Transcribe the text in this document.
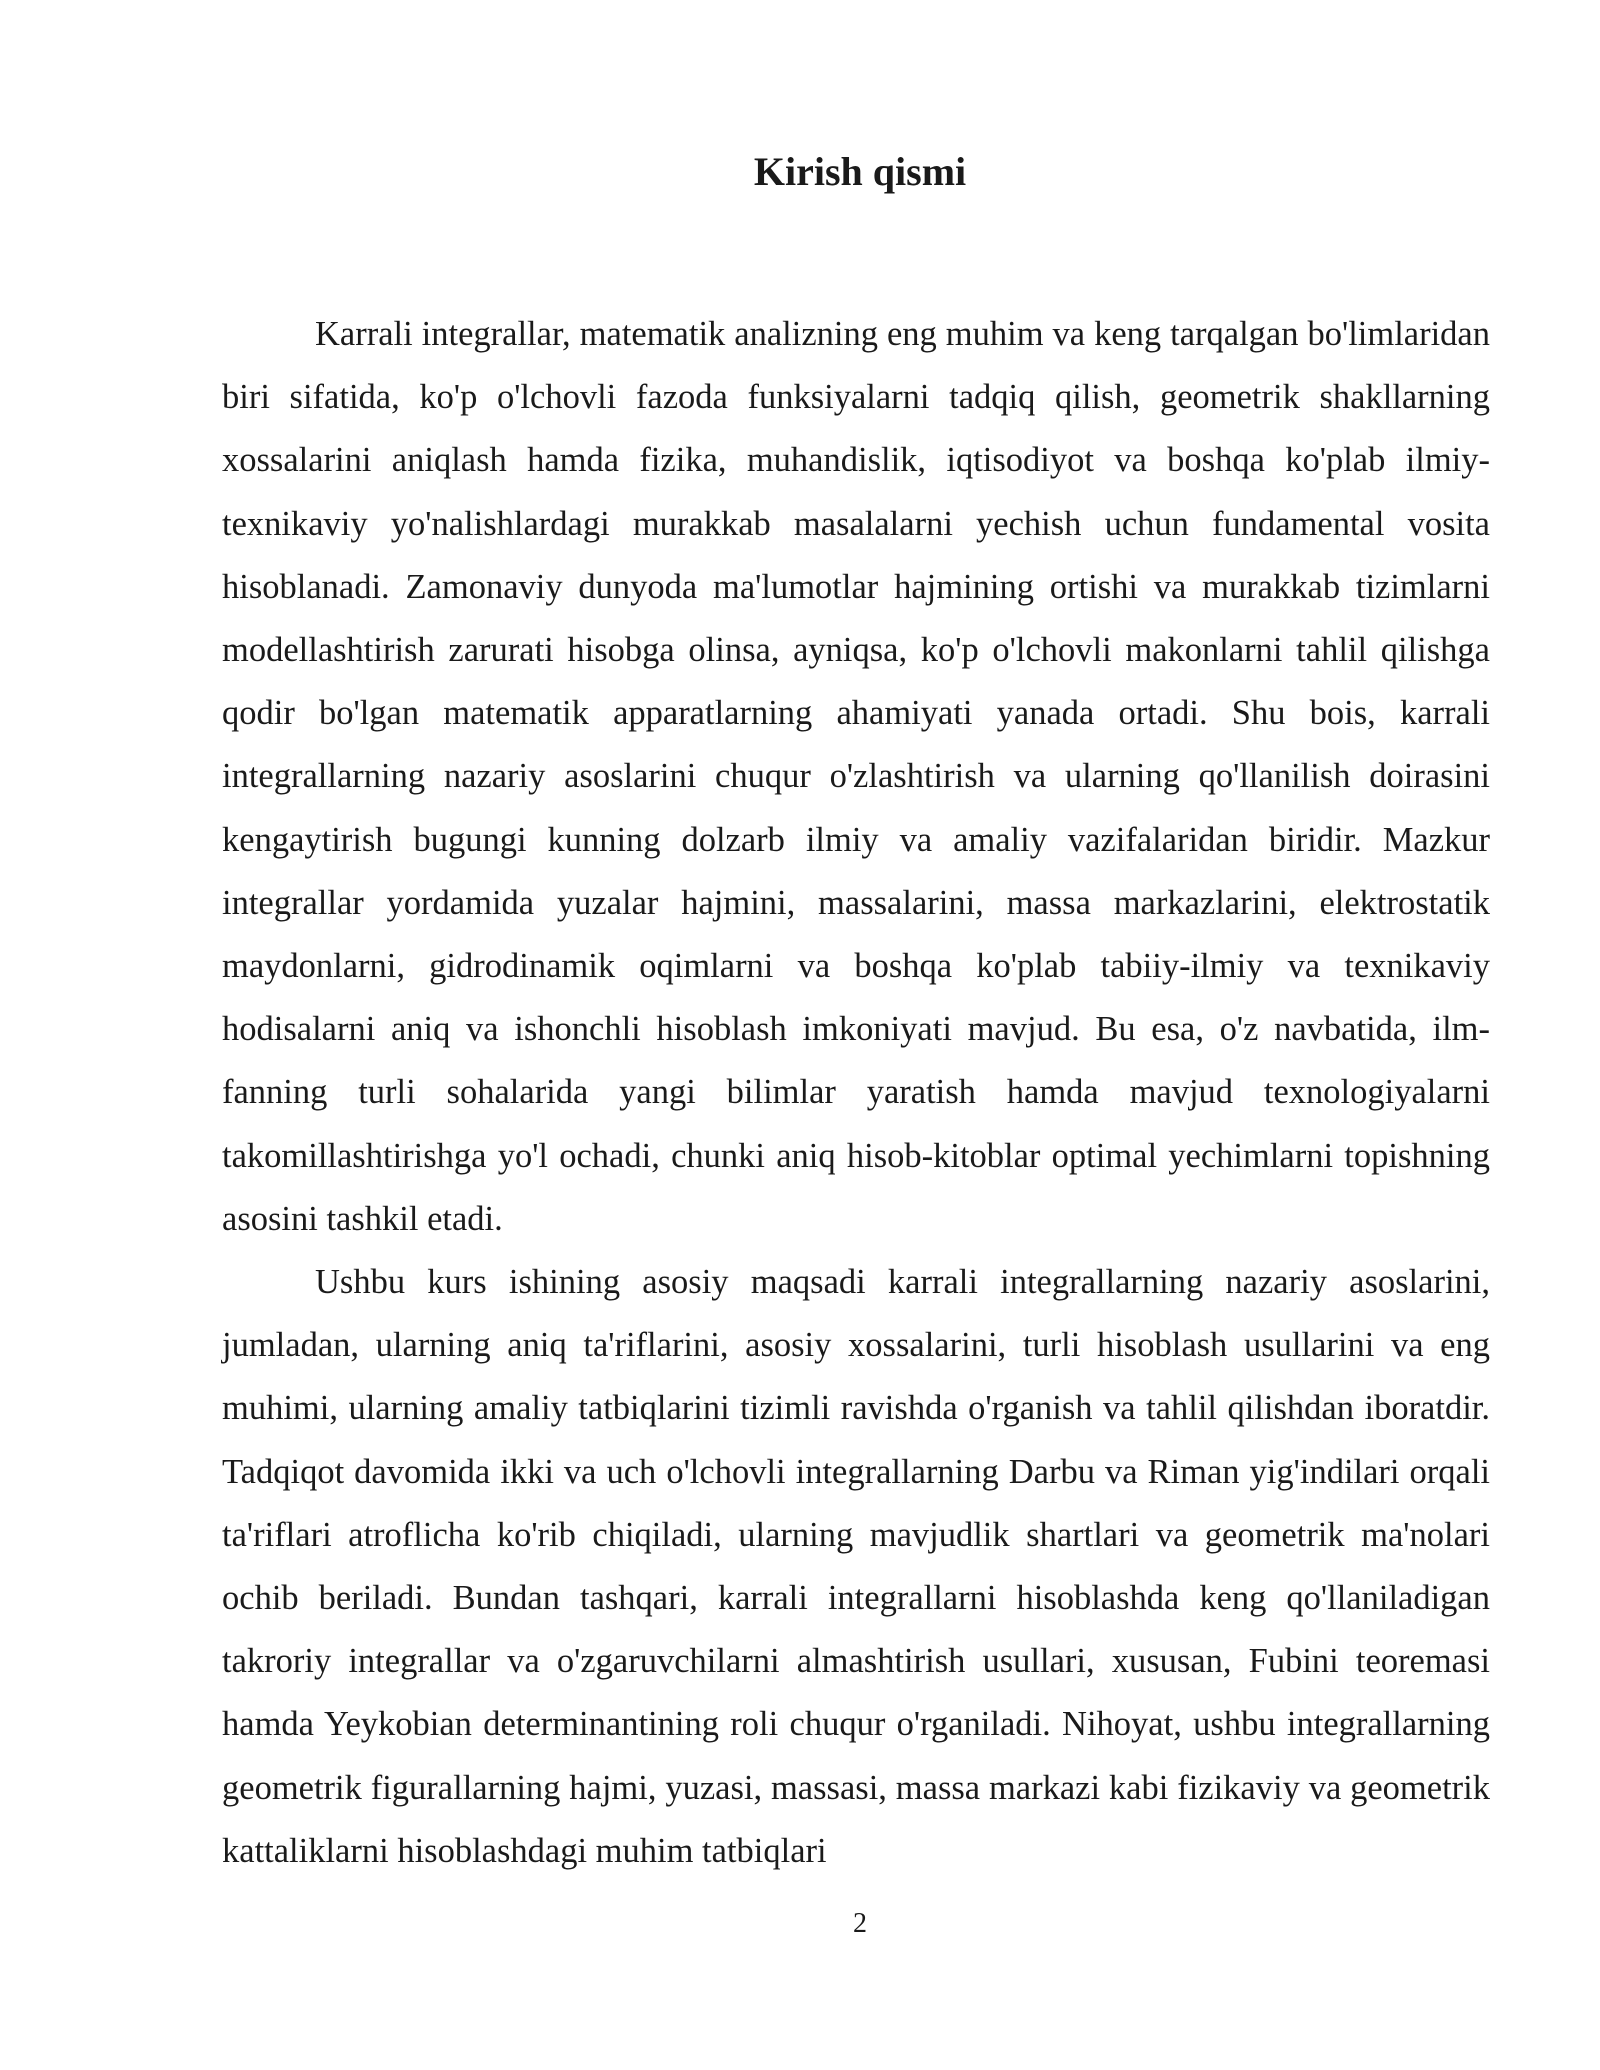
Kirish qismi

Karrali integrallar, matematik analizning eng muhim va keng tarqalgan bo'limlaridan biri sifatida, ko'p o'lchovli fazoda funksiyalarni tadqiq qilish, geometrik shakllarning xossalarini aniqlash hamda fizika, muhandislik, iqtisodiyot va boshqa ko'plab ilmiy-texnikaviy yo'nalishlardagi murakkab masalalarni yechish uchun fundamental vosita hisoblanadi. Zamonaviy dunyoda ma'lumotlar hajmining ortishi va murakkab tizimlarni modellashtirish zarurati hisobga olinsa, ayniqsa, ko'p o'lchovli makonlarni tahlil qilishga qodir bo'lgan matematik apparatlarning ahamiyati yanada ortadi. Shu bois, karrali integrallarning nazariy asoslarini chuqur o'zlashtirish va ularning qo'llanilish doirasini kengaytirish bugungi kunning dolzarb ilmiy va amaliy vazifalaridan biridir. Mazkur integrallar yordamida yuzalar hajmini, massalarini, massa markazlarini, elektrostatik maydonlarni, gidrodinamik oqimlarni va boshqa ko'plab tabiiy-ilmiy va texnikaviy hodisalarni aniq va ishonchli hisoblash imkoniyati mavjud. Bu esa, o'z navbatida, ilm-fanning turli sohalarida yangi bilimlar yaratish hamda mavjud texnologiyalarni takomillashtirishga yo'l ochadi, chunki aniq hisob-kitoblar optimal yechimlarni topishning asosini tashkil etadi.

Ushbu kurs ishining asosiy maqsadi karrali integrallarning nazariy asoslarini, jumladan, ularning aniq ta'riflarini, asosiy xossalarini, turli hisoblash usullarini va eng muhimi, ularning amaliy tatbiqlarini tizimli ravishda o'rganish va tahlil qilishdan iboratdir. Tadqiqot davomida ikki va uch o'lchovli integrallarning Darbu va Riman yig'indilari orqali ta'riflari atroflicha ko'rib chiqiladi, ularning mavjudlik shartlari va geometrik ma'nolari ochib beriladi. Bundan tashqari, karrali integrallarni hisoblashda keng qo'llaniladigan takroriy integrallar va o'zgaruvchilarni almashtirish usullari, xususan, Fubini teoremasi hamda Yeykobian determinantining roli chuqur o'rganiladi. Nihoyat, ushbu integrallarning geometrik figurallarning hajmi, yuzasi, massasi, massa markazi kabi fizikaviy va geometrik kattaliklarni hisoblashdagi muhim tatbiqlari

2
